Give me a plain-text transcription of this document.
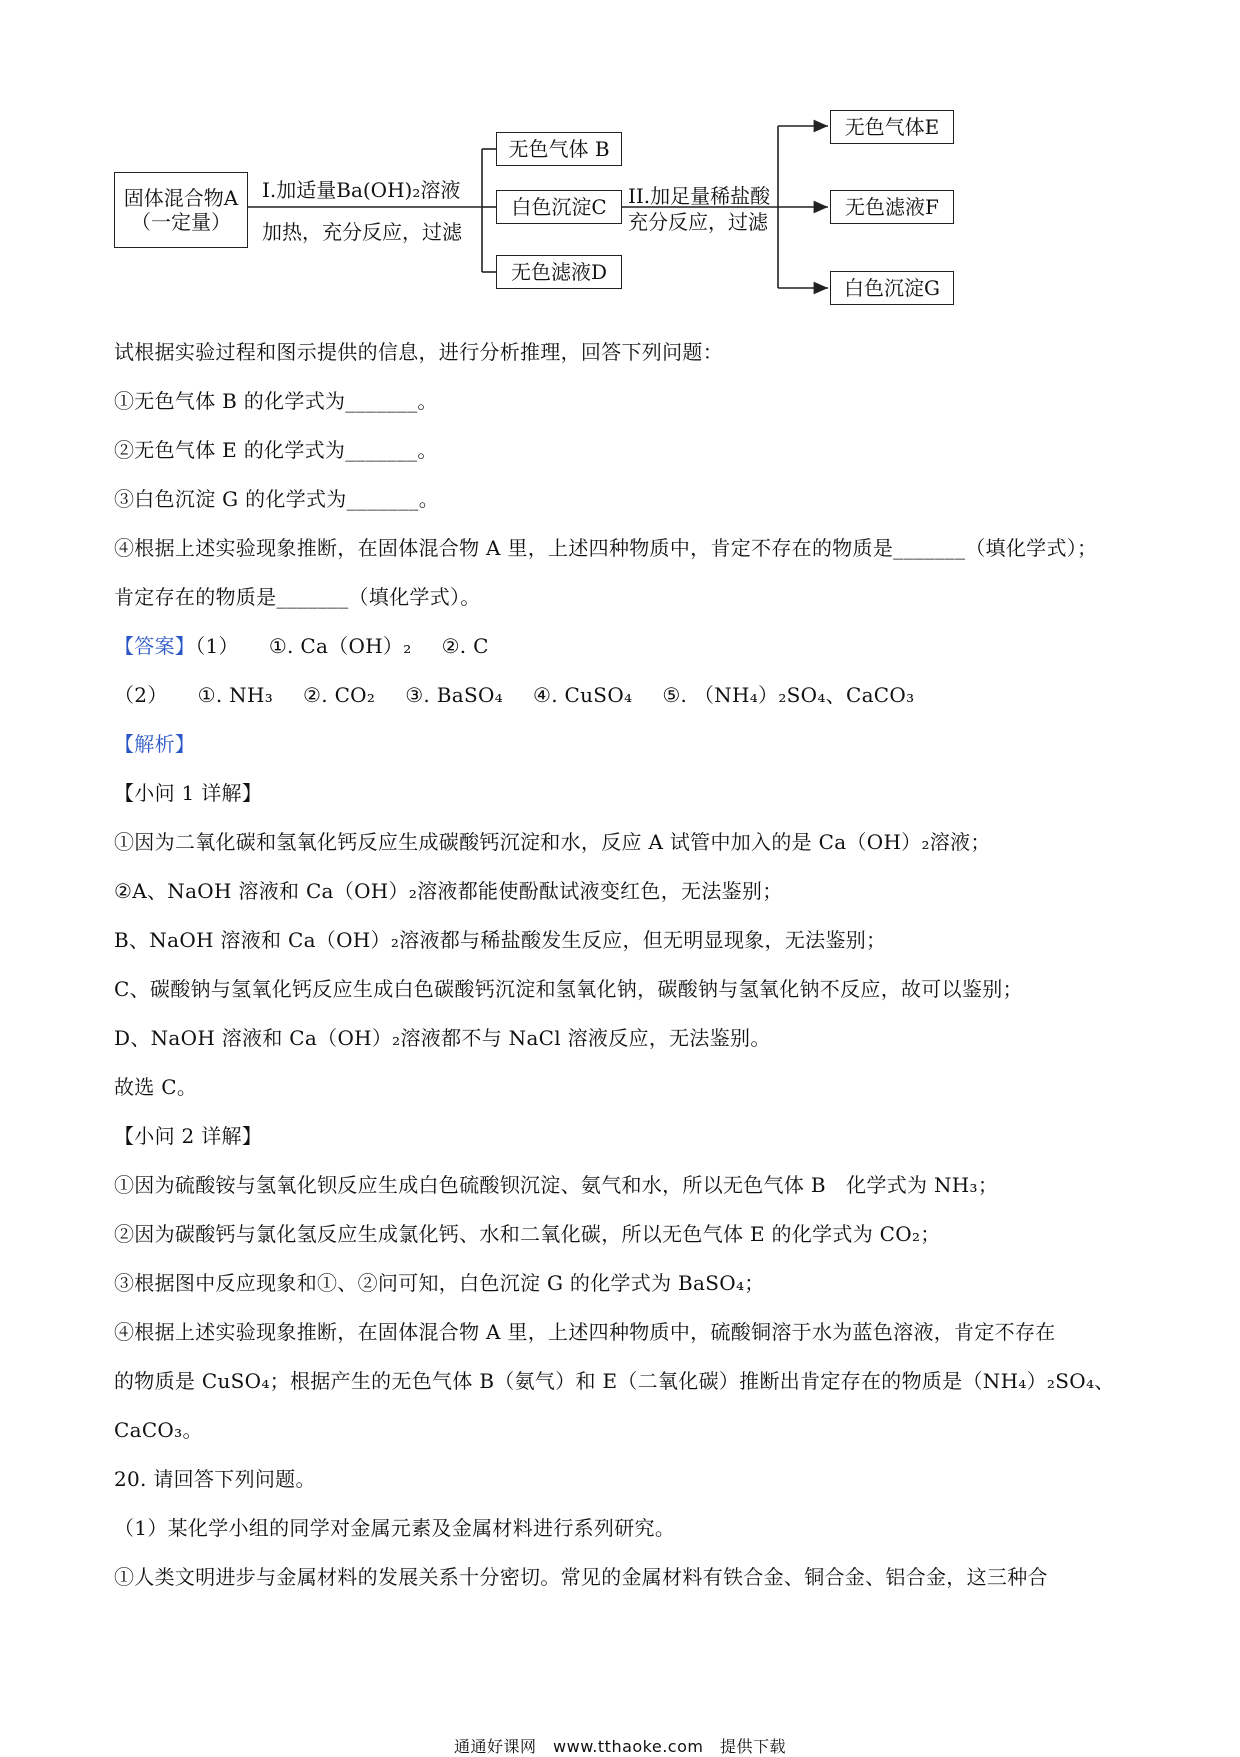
固体混合物A
（一定量）
I.加适量Ba(OH)₂溶液
加热，充分反应，过滤
无色气体 B
白色沉淀C
无色滤液D
II.加足量稀盐酸
充分反应，过滤
无色气体E
无色滤液F
白色沉淀G
试根据实验过程和图示提供的信息，进行分析推理，回答下列问题：
①无色气体 B 的化学式为_______。
②无色气体 E 的化学式为_______。
③白色沉淀 G 的化学式为_______。
④根据上述实验现象推断，在固体混合物 A 里，上述四种物质中，肯定不存在的物质是_______（填化学式）；
肯定存在的物质是_______（填化学式）。
【答案】（1） ①. Ca（OH）₂ ②. C
（2） ①. NH₃ ②. CO₂ ③. BaSO₄ ④. CuSO₄ ⑤. （NH₄）₂SO₄、CaCO₃
【解析】
【小问 1 详解】
①因为二氧化碳和氢氧化钙反应生成碳酸钙沉淀和水，反应 A 试管中加入的是 Ca（OH）₂溶液；
②A、NaOH 溶液和 Ca（OH）₂溶液都能使酚酞试液变红色，无法鉴别；
B、NaOH 溶液和 Ca（OH）₂溶液都与稀盐酸发生反应，但无明显现象，无法鉴别；
C、碳酸钠与氢氧化钙反应生成白色碳酸钙沉淀和氢氧化钠，碳酸钠与氢氧化钠不反应，故可以鉴别；
D、NaOH 溶液和 Ca（OH）₂溶液都不与 NaCl 溶液反应，无法鉴别。
故选 C。
【小问 2 详解】
①因为硫酸铵与氢氧化钡反应生成白色硫酸钡沉淀、氨气和水，所以无色气体 B　化学式为 NH₃；
②因为碳酸钙与氯化氢反应生成氯化钙、水和二氧化碳，所以无色气体 E 的化学式为 CO₂；
③根据图中反应现象和①、②问可知，白色沉淀 G 的化学式为 BaSO₄；
④根据上述实验现象推断，在固体混合物 A 里，上述四种物质中，硫酸铜溶于水为蓝色溶液，肯定不存在
的物质是 CuSO₄；根据产生的无色气体 B（氨气）和 E（二氧化碳）推断出肯定存在的物质是（NH₄）₂SO₄、
CaCO₃。
20. 请回答下列问题。
（1）某化学小组的同学对金属元素及金属材料进行系列研究。
①人类文明进步与金属材料的发展关系十分密切。常见的金属材料有铁合金、铜合金、铝合金，这三种合
通通好课网　www.tthaoke.com　提供下载
